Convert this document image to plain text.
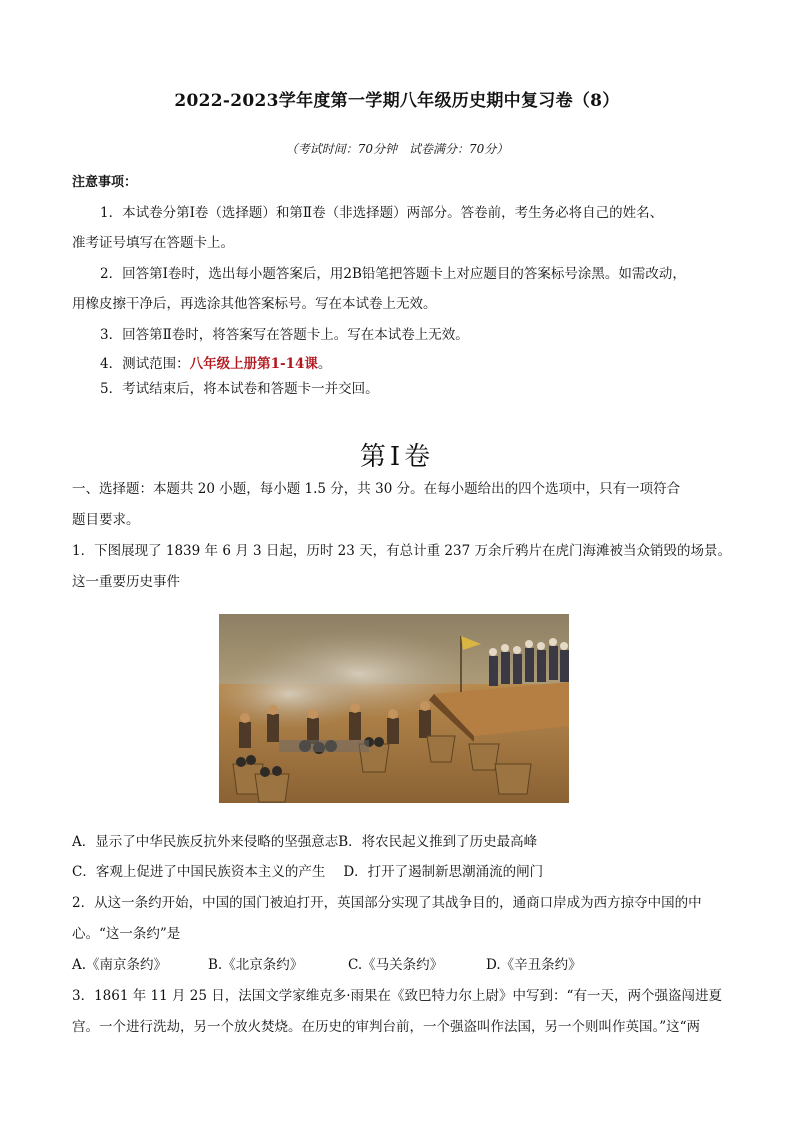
2022-2023学年度第一学期八年级历史期中复习卷（8）
（考试时间：70分钟　试卷满分：70分）
注意事项：
1．本试卷分第Ⅰ卷（选择题）和第Ⅱ卷（非选择题）两部分。答卷前，考生务必将自己的姓名、
准考证号填写在答题卡上。
2．回答第Ⅰ卷时，选出每小题答案后，用2B铅笔把答题卡上对应题目的答案标号涂黑。如需改动，
用橡皮擦干净后，再选涂其他答案标号。写在本试卷上无效。
3．回答第Ⅱ卷时，将答案写在答题卡上。写在本试卷上无效。
4．测试范围：八年级上册第1-14课。
5．考试结束后，将本试卷和答题卡一并交回。
第Ⅰ卷
一、选择题：本题共 20 小题，每小题 1.5 分，共 30 分。在每小题给出的四个选项中，只有一项符合
题目要求。
1．下图展现了 1839 年 6 月 3 日起，历时 23 天，有总计重 237 万余斤鸦片在虎门海滩被当众销毁的场景。
这一重要历史事件
A．显示了中华民族反抗外来侵略的坚强意志B．将农民起义推到了历史最高峰
C．客观上促进了中国民族资本主义的产生 D．打开了遏制新思潮涌流的闸门
2．从这一条约开始，中国的国门被迫打开，英国部分实现了其战争目的，通商口岸成为西方掠夺中国的中
心。“这一条约”是
A.《南京条约》	B.《北京条约》	C.《马关条约》	D.《辛丑条约》
3．1861 年 11 月 25 日，法国文学家维克多·雨果在《致巴特力尔上尉》中写到：“有一天，两个强盗闯进夏
宫。一个进行洗劫，另一个放火焚烧。在历史的审判台前，一个强盗叫作法国，另一个则叫作英国。”这“两
